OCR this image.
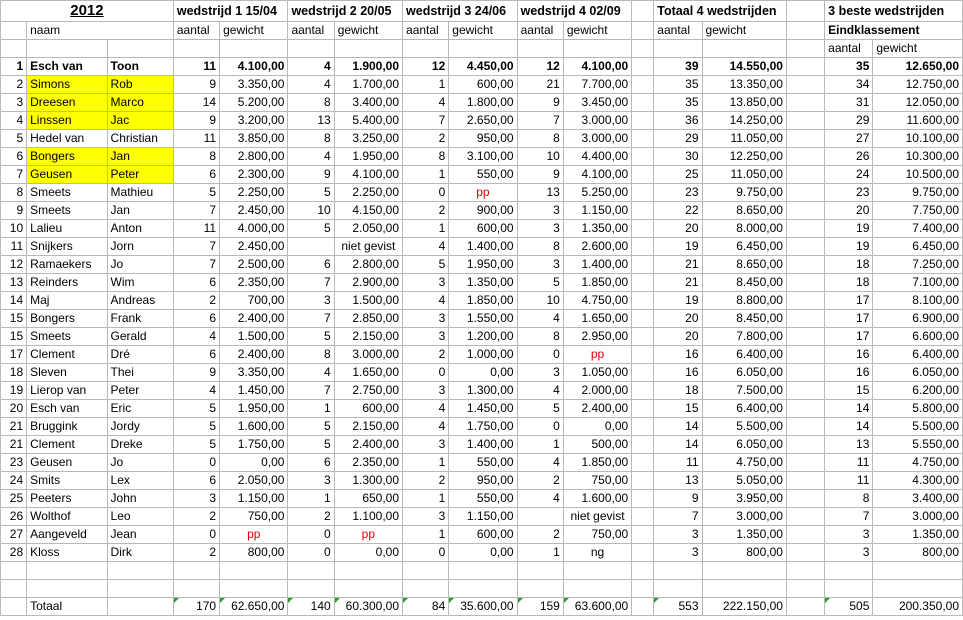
2012			wedstrijd 1 15/04		wedstrijd 2 20/05		wedstrijd 3 24/06		wedstrijd 4 02/09			Totaal 4 wedstrijden			3 beste wedstrijden	
	naam		aantal	gewicht	aantal	gewicht	aantal	gewicht	aantal	gewicht		aantal	gewicht		Eindklassement	
															aantal	gewicht
1	Esch van	Toon	11	4.100,00	4	1.900,00	12	4.450,00	12	4.100,00		39	14.550,00		35	12.650,00
2	Simons	Rob	9	3.350,00	4	1.700,00	1	600,00	21	7.700,00		35	13.350,00		34	12.750,00
3	Dreesen	Marco	14	5.200,00	8	3.400,00	4	1.800,00	9	3.450,00		35	13.850,00		31	12.050,00
4	Linssen	Jac	9	3.200,00	13	5.400,00	7	2.650,00	7	3.000,00		36	14.250,00		29	11.600,00
5	Hedel van	Christian	11	3.850,00	8	3.250,00	2	950,00	8	3.000,00		29	11.050,00		27	10.100,00
6	Bongers	Jan	8	2.800,00	4	1.950,00	8	3.100,00	10	4.400,00		30	12.250,00		26	10.300,00
7	Geusen	Peter	6	2.300,00	9	4.100,00	1	550,00	9	4.100,00		25	11.050,00		24	10.500,00
8	Smeets	Mathieu	5	2.250,00	5	2.250,00	0	pp	13	5.250,00		23	9.750,00		23	9.750,00
9	Smeets	Jan	7	2.450,00	10	4.150,00	2	900,00	3	1.150,00		22	8.650,00		20	7.750,00
10	Lalieu	Anton	11	4.000,00	5	2.050,00	1	600,00	3	1.350,00		20	8.000,00		19	7.400,00
11	Snijkers	Jorn	7	2.450,00		niet gevist	4	1.400,00	8	2.600,00		19	6.450,00		19	6.450,00
12	Ramaekers	Jo	7	2.500,00	6	2.800,00	5	1.950,00	3	1.400,00		21	8.650,00		18	7.250,00
13	Reinders	Wim	6	2.350,00	7	2.900,00	3	1.350,00	5	1.850,00		21	8.450,00		18	7.100,00
14	Maj	Andreas	2	700,00	3	1.500,00	4	1.850,00	10	4.750,00		19	8.800,00		17	8.100,00
15	Bongers	Frank	6	2.400,00	7	2.850,00	3	1.550,00	4	1.650,00		20	8.450,00		17	6.900,00
15	Smeets	Gerald	4	1.500,00	5	2.150,00	3	1.200,00	8	2.950,00		20	7.800,00		17	6.600,00
17	Clement	Dré	6	2.400,00	8	3.000,00	2	1.000,00	0	pp		16	6.400,00		16	6.400,00
18	Sleven	Thei	9	3.350,00	4	1.650,00	0	0,00	3	1.050,00		16	6.050,00		16	6.050,00
19	Lierop van	Peter	4	1.450,00	7	2.750,00	3	1.300,00	4	2.000,00		18	7.500,00		15	6.200,00
20	Esch van	Eric	5	1.950,00	1	600,00	4	1.450,00	5	2.400,00		15	6.400,00		14	5.800,00
21	Bruggink	Jordy	5	1.600,00	5	2.150,00	4	1.750,00	0	0,00		14	5.500,00		14	5.500,00
21	Clement	Dreke	5	1.750,00	5	2.400,00	3	1.400,00	1	500,00		14	6.050,00		13	5.550,00
23	Geusen	Jo	0	0,00	6	2.350,00	1	550,00	4	1.850,00		11	4.750,00		11	4.750,00
24	Smits	Lex	6	2.050,00	3	1.300,00	2	950,00	2	750,00		13	5.050,00		11	4.300,00
25	Peeters	John	3	1.150,00	1	650,00	1	550,00	4	1.600,00		9	3.950,00		8	3.400,00
26	Wolthof	Leo	2	750,00	2	1.100,00	3	1.150,00		niet gevist		7	3.000,00		7	3.000,00
27	Aangeveld	Jean	0	pp	0	pp	1	600,00	2	750,00		3	1.350,00		3	1.350,00
28	Kloss	Dirk	2	800,00	0	0,00	0	0,00	1	ng		3	800,00		3	800,00

	Totaal		170	62.650,00	140	60.300,00	84	35.600,00	159	63.600,00		553	222.150,00		505	200.350,00
